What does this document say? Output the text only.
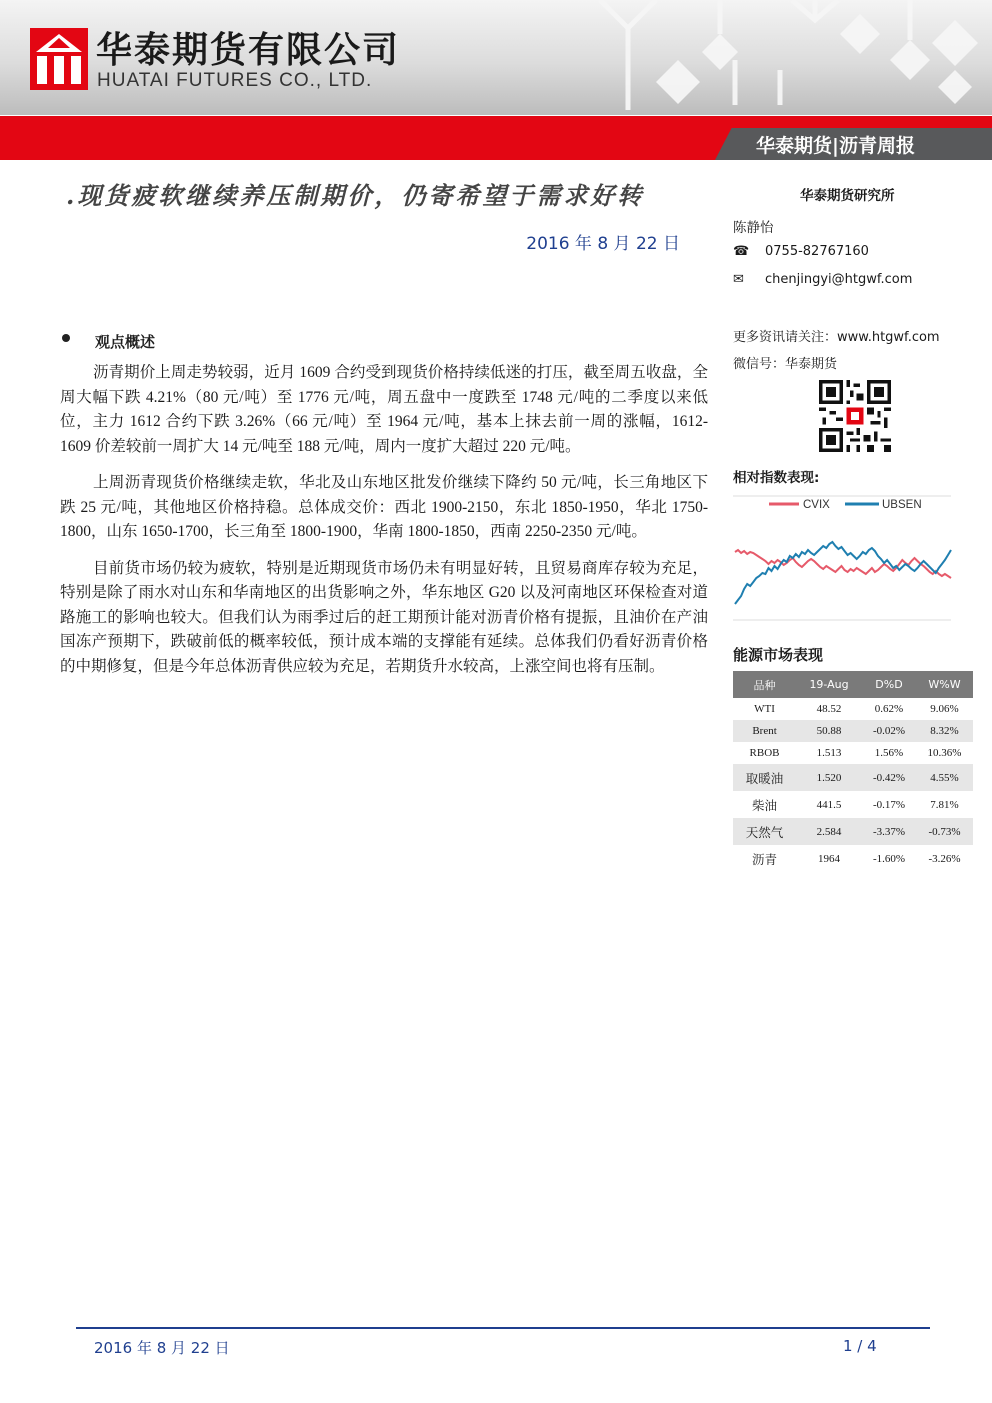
华泰期货有限公司
HUATAI FUTURES CO., LTD.
华泰期货|沥青周报
.现货疲软继续养压制期价，仍寄希望于需求好转
2016 年 8 月 22 日
观点概述

沥青期价上周走势较弱，近月 1609 合约受到现货价格持续低迷的打压，截至周五收盘，全周大幅下跌 4.21%（80 元/吨）至 1776 元/吨，周五盘中一度跌至 1748 元/吨的二季度以来低位，主力 1612 合约下跌 3.26%（66 元/吨）至 1964 元/吨，基本上抹去前一周的涨幅，1612-1609 价差较前一周扩大 14 元/吨至 188 元/吨，周内一度扩大超过 220 元/吨。

上周沥青现货价格继续走软，华北及山东地区批发价继续下降约 50 元/吨，长三角地区下跌 25 元/吨，其他地区价格持稳。总体成交价：西北 1900-2150，东北 1850-1950，华北 1750-1800，山东 1650-1700，长三角至 1800-1900，华南 1800-1850，西南 2250-2350 元/吨。

目前货市场仍较为疲软，特别是近期现货市场仍未有明显好转，且贸易商库存较为充足，特别是除了雨水对山东和华南地区的出货影响之外，华东地区 G20 以及河南地区环保检查对道路施工的影响也较大。但我们认为雨季过后的赶工期预计能对沥青价格有提振，且油价在产油国冻产预期下，跌破前低的概率较低，预计成本端的支撑能有延续。总体我们仍看好沥青价格的中期修复，但是今年总体沥青供应较为充足，若期货升水较高，上涨空间也将有压制。

华泰期货研究所
陈静怡
☎ 0755-82767160
✉ chenjingyi@htgwf.com
更多资讯请关注：www.htgwf.com
微信号：华泰期货
相对指数表现:
CVIX	UBSEN
能源市场表现
品种	19-Aug	D%D	W%W
WTI	48.52	0.62%	9.06%
Brent	50.88	-0.02%	8.32%
RBOB	1.513	1.56%	10.36%
取暖油	1.520	-0.42%	4.55%
柴油	441.5	-0.17%	7.81%
天然气	2.584	-3.37%	-0.73%
沥青	1964	-1.60%	-3.26%
2016 年 8 月 22 日	1 / 4
